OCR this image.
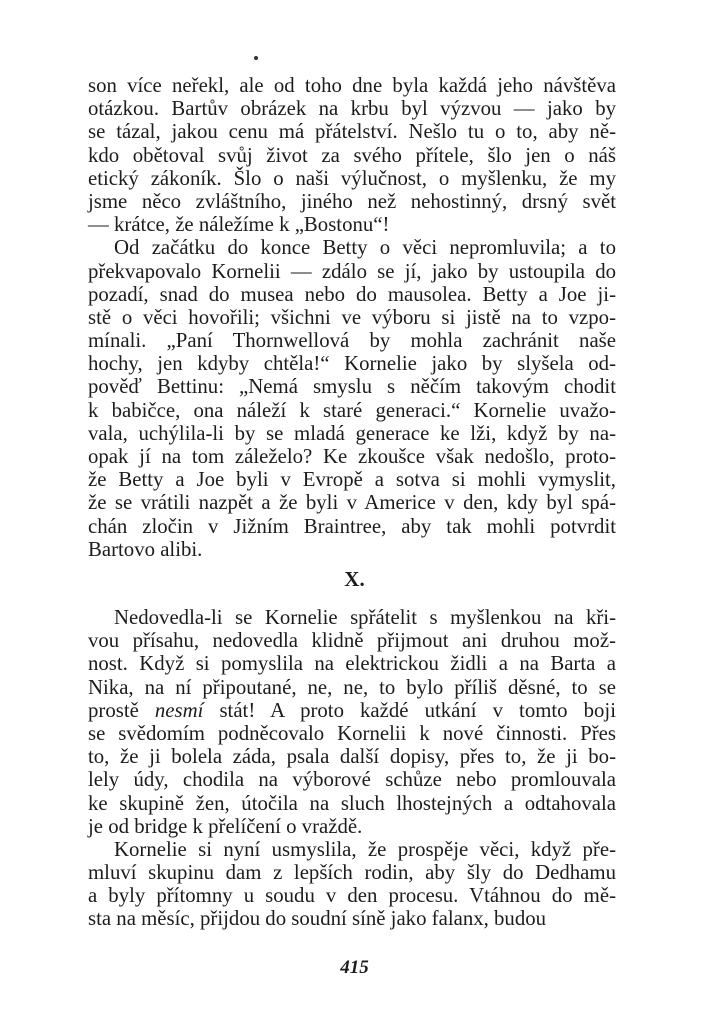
son více neřekl, ale od toho dne byla každá jeho návštěva
otázkou. Bartův obrázek na krbu byl výzvou — jako by
se tázal, jakou cenu má přátelství. Nešlo tu o to, aby ně-
kdo obětoval svůj život za svého přítele, šlo jen o náš
etický zákoník. Šlo o naši výlučnost, o myšlenku, že my
jsme něco zvláštního, jiného než nehostinný, drsný svět
— krátce, že náležíme k „Bostonu“!
Od začátku do konce Betty o věci nepromluvila; a to
překvapovalo Kornelii — zdálo se jí, jako by ustoupila do
pozadí, snad do musea nebo do mausolea. Betty a Joe ji-
stě o věci hovořili; všichni ve výboru si jistě na to vzpo-
mínali. „Paní Thornwellová by mohla zachránit naše
hochy, jen kdyby chtěla!“ Kornelie jako by slyšela od-
pověď Bettinu: „Nemá smyslu s něčím takovým chodit
k babičce, ona náleží k staré generaci.“ Kornelie uvažo-
vala, uchýlila-li by se mladá generace ke lži, když by na-
opak jí na tom záleželo? Ke zkoušce však nedošlo, proto-
že Betty a Joe byli v Evropě a sotva si mohli vymyslit,
že se vrátili nazpět a že byli v Americe v den, kdy byl spá-
chán zločin v Jižním Braintree, aby tak mohli potvrdit
Bartovo alibi.
X.
Nedovedla-li se Kornelie spřátelit s myšlenkou na kři-
vou přísahu, nedovedla klidně přijmout ani druhou mož-
nost. Když si pomyslila na elektrickou židli a na Barta a
Nika, na ní připoutané, ne, ne, to bylo příliš děsné, to se
prostě nesmí stát! A proto každé utkání v tomto boji
se svědomím podněcovalo Kornelii k nové činnosti. Přes
to, že ji bolela záda, psala další dopisy, přes to, že ji bo-
lely údy, chodila na výborové schůze nebo promlouvala
ke skupině žen, útočila na sluch lhostejných a odtahovala
je od bridge k přelíčení o vraždě.
Kornelie si nyní usmyslila, že prospěje věci, když pře-
mluví skupinu dam z lepších rodin, aby šly do Dedhamu
a byly přítomny u soudu v den procesu. Vtáhnou do mě-
sta na měsíc, přijdou do soudní síně jako falanx, budou
415
